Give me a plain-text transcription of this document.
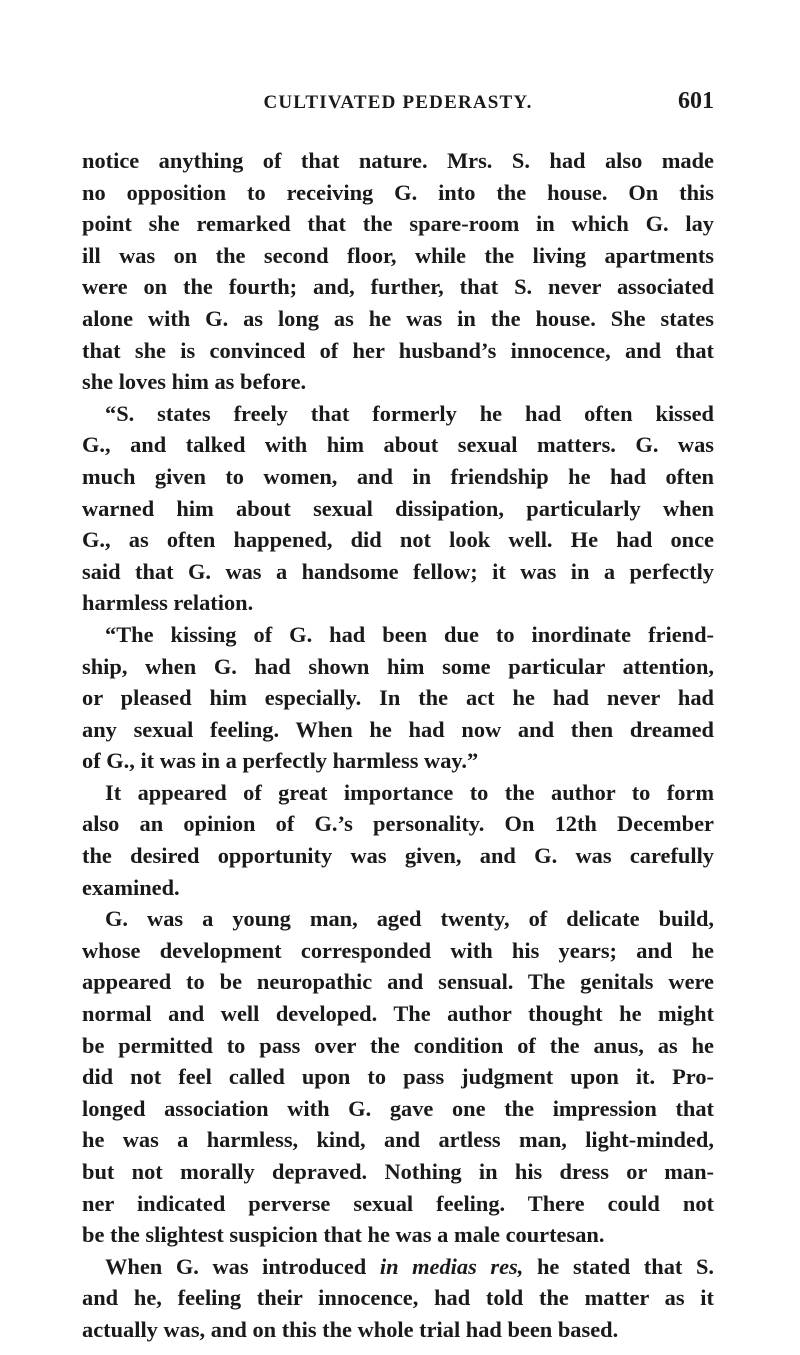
CULTIVATED PEDERASTY.	601
notice anything of that nature. Mrs. S. had also made
no opposition to receiving G. into the house. On this
point she remarked that the spare-room in which G. lay
ill was on the second floor, while the living apartments
were on the fourth; and, further, that S. never associated
alone with G. as long as he was in the house. She states
that she is convinced of her husband’s innocence, and that
she loves him as before.
“S. states freely that formerly he had often kissed
G., and talked with him about sexual matters. G. was
much given to women, and in friendship he had often
warned him about sexual dissipation, particularly when
G., as often happened, did not look well. He had once
said that G. was a handsome fellow; it was in a perfectly
harmless relation.
“The kissing of G. had been due to inordinate friend-
ship, when G. had shown him some particular attention,
or pleased him especially. In the act he had never had
any sexual feeling. When he had now and then dreamed
of G., it was in a perfectly harmless way.”
It appeared of great importance to the author to form
also an opinion of G.’s personality. On 12th December
the desired opportunity was given, and G. was carefully
examined.
G. was a young man, aged twenty, of delicate build,
whose development corresponded with his years; and he
appeared to be neuropathic and sensual. The genitals were
normal and well developed. The author thought he might
be permitted to pass over the condition of the anus, as he
did not feel called upon to pass judgment upon it. Pro-
longed association with G. gave one the impression that
he was a harmless, kind, and artless man, light-minded,
but not morally depraved. Nothing in his dress or man-
ner indicated perverse sexual feeling. There could not
be the slightest suspicion that he was a male courtesan.
When G. was introduced in medias res, he stated that S.
and he, feeling their innocence, had told the matter as it
actually was, and on this the whole trial had been based.
